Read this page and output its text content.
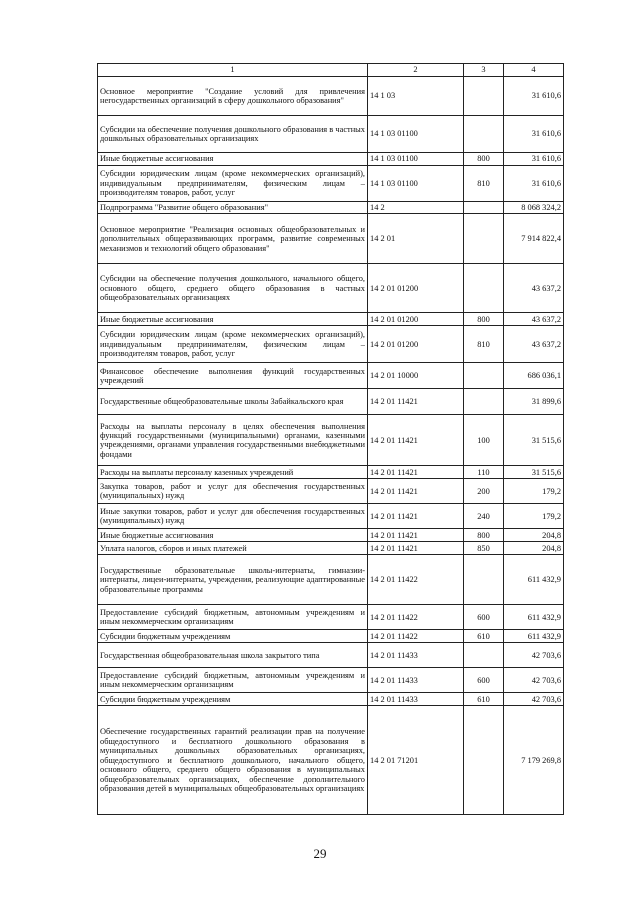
1	2	3	4
Основное мероприятие "Создание условий для привлечения негосударственных организаций в сферу дошкольного образования"	14 1 03		31 610,6
Субсидии на обеспечение получения дошкольного образования в частных дошкольных образовательных организациях	14 1 03 01100		31 610,6
Иные бюджетные ассигнования	14 1 03 01100	800	31 610,6
Субсидии юридическим лицам (кроме некоммерческих организаций), индивидуальным предпринимателям, физическим лицам – производителям товаров, работ, услуг	14 1 03 01100	810	31 610,6
Подпрограмма "Развитие общего образования"	14 2		8 068 324,2
Основное мероприятие "Реализация основных общеобразовательных и дополнительных общеразвивающих программ, развитие современных механизмов и технологий общего образования"	14 2 01		7 914 822,4
Субсидии на обеспечение получения дошкольного, начального общего, основного общего, среднего общего образования в частных общеобразовательных организациях	14 2 01 01200		43 637,2
Иные бюджетные ассигнования	14 2 01 01200	800	43 637,2
Субсидии юридическим лицам (кроме некоммерческих организаций), индивидуальным предпринимателям, физическим лицам – производителям товаров, работ, услуг	14 2 01 01200	810	43 637,2
Финансовое обеспечение выполнения функций государственных учреждений	14 2 01 10000		686 036,1
Государственные общеобразовательные школы Забайкальского края	14 2 01 11421		31 899,6
Расходы на выплаты персоналу в целях обеспечения выполнения функций государственными (муниципальными) органами, казенными учреждениями, органами управления государственными внебюджетными фондами	14 2 01 11421	100	31 515,6
Расходы на выплаты персоналу казенных учреждений	14 2 01 11421	110	31 515,6
Закупка товаров, работ и услуг для обеспечения государственных (муниципальных) нужд	14 2 01 11421	200	179,2
Иные закупки товаров, работ и услуг для обеспечения государственных (муниципальных) нужд	14 2 01 11421	240	179,2
Иные бюджетные ассигнования	14 2 01 11421	800	204,8
Уплата налогов, сборов и иных платежей	14 2 01 11421	850	204,8
Государственные образовательные школы-интернаты, гимназии-интернаты, лицеи-интернаты, учреждения, реализующие адаптированные образовательные программы	14 2 01 11422		611 432,9
Предоставление субсидий бюджетным, автономным учреждениям и иным некоммерческим организациям	14 2 01 11422	600	611 432,9
Субсидии бюджетным учреждениям	14 2 01 11422	610	611 432,9
Государственная общеобразовательная школа закрытого типа	14 2 01 11433		42 703,6
Предоставление субсидий бюджетным, автономным учреждениям и иным некоммерческим организациям	14 2 01 11433	600	42 703,6
Субсидии бюджетным учреждениям	14 2 01 11433	610	42 703,6
Обеспечение государственных гарантий реализации прав на получение общедоступного и бесплатного дошкольного образования в муниципальных дошкольных образовательных организациях, общедоступного и бесплатного дошкольного, начального общего, основного общего, среднего общего образования в муниципальных общеобразовательных организациях, обеспечение дополнительного образования детей в муниципальных общеобразовательных организациях	14 2 01 71201		7 179 269,8
29
